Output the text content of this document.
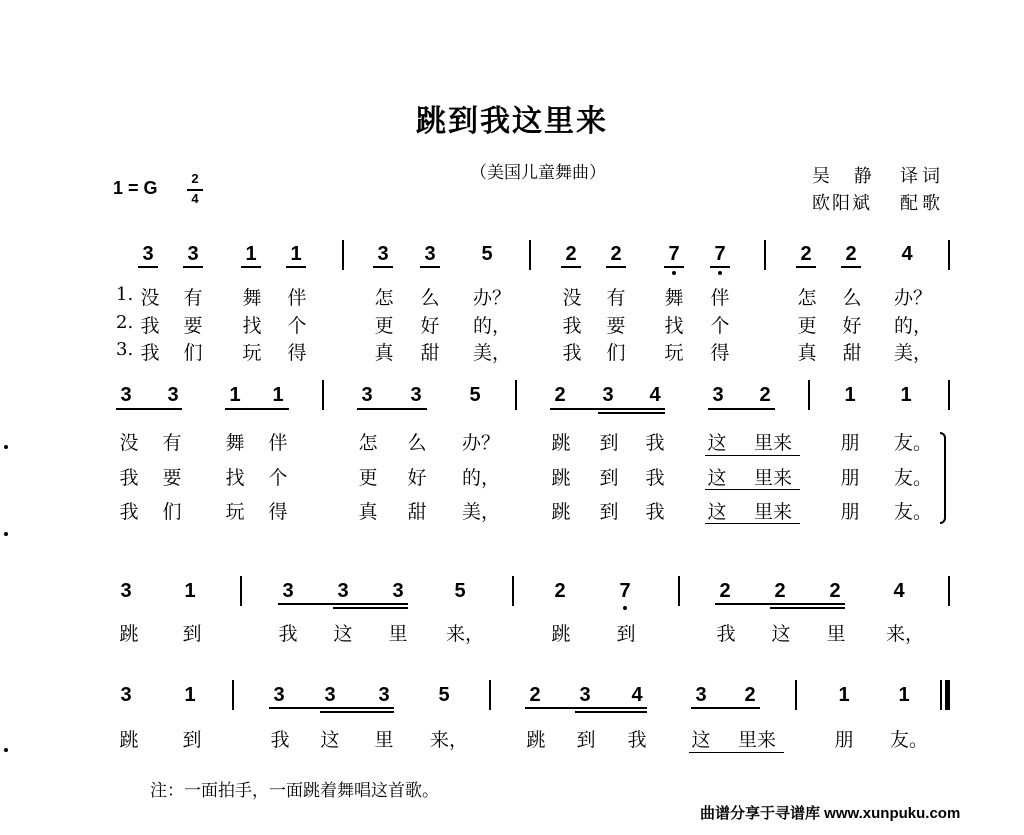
跳到我这里来
（美国儿童舞曲）	吴 静 译词
欧阳斌 配歌
1 = G	2
4
3 3 1 1	3 3 5	2 2 7 7	2 2 4
1.
2.
3.
没 有 舞 伴	怎 么	办？	没 有 舞 伴	怎 么	办？
我 要 找 个	更 好	的，	我 要 找 个	更 好	的，
我 们 玩 得	真 甜	美，	我 们 玩 得	真 甜	美，
3 3	1 1	3 3 5	2 3 4	3 2	1 1
没 有 舞 伴	怎 么	办？	跳 到 我 这	里来	朋	友。
我 要 找 个	更 好	的，	跳 到 我 这	里来	朋	友。
我 们 玩 得	真 甜	美，	跳 到 我 这	里来	朋	友。
3	1	3 3 3	5	2	7	2 2 2	4
跳 到	我 这 里	来，	跳 到	我 这 里	来，
3	1	3 3 3 5	2 3 4	3 2	1 1
跳 到	我 这 里	来，	跳 到 我 这	里来	朋	友。
注：一面拍手，一面跳着舞唱这首歌。
曲谱分享于寻谱库 www.xunpuku.com
